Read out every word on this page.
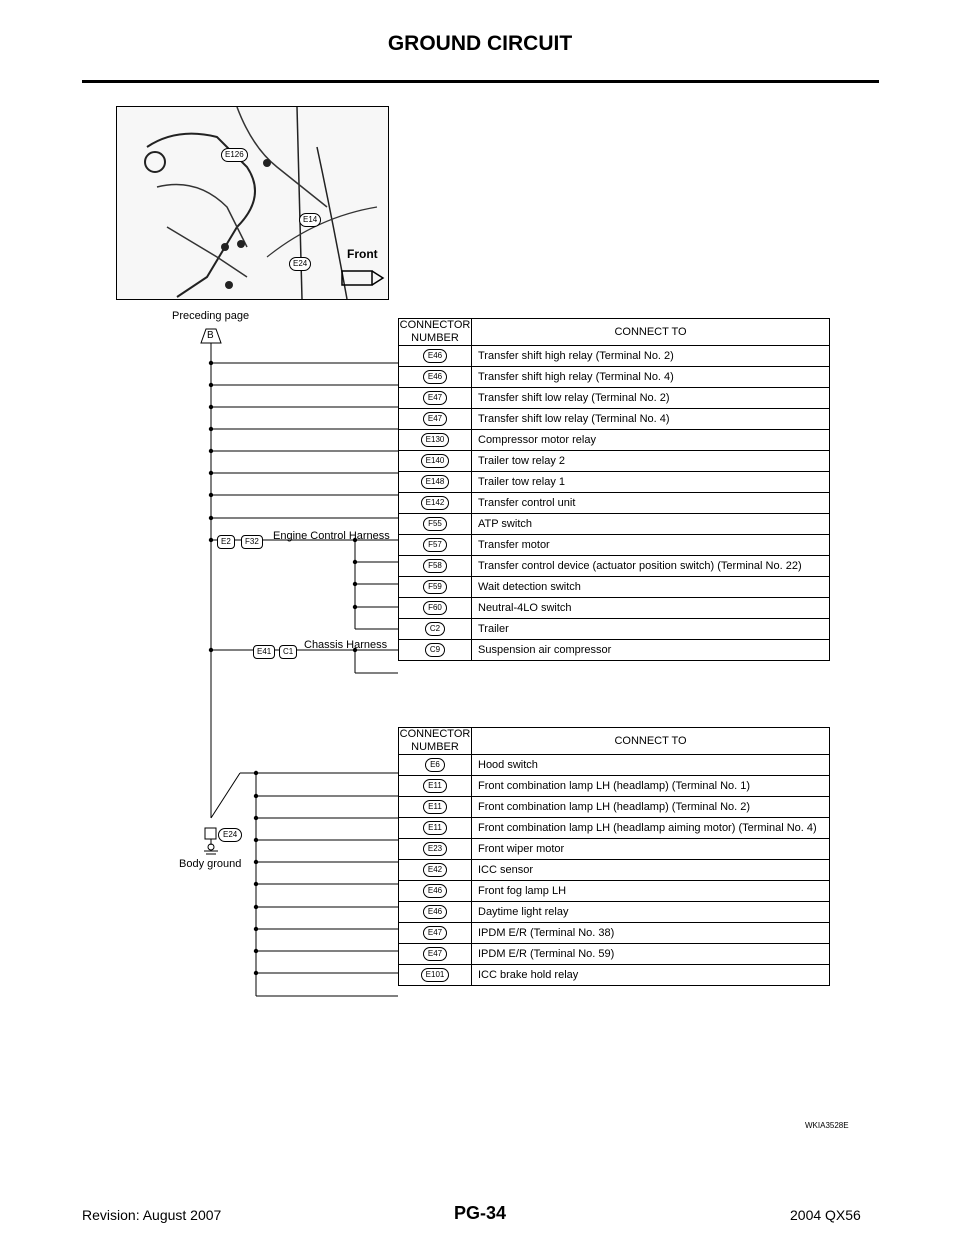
GROUND CIRCUIT
E126
E14
E24
Front
Preceding page
B
E2	F32	Engine Control Harness
E41	C1
Chassis Harness
E24
Body ground
CONNECTOR NUMBER	CONNECT TO
E46	Transfer shift high relay (Terminal No. 2)
E46	Transfer shift high relay (Terminal No. 4)
E47	Transfer shift low relay (Terminal No. 2)
E47	Transfer shift low relay (Terminal No. 4)
E130	Compressor motor relay
E140	Trailer tow relay 2
E148	Trailer tow relay 1
E142	Transfer control unit
F55	ATP switch
F57	Transfer motor
F58	Transfer control device (actuator position switch) (Terminal No. 22)
F59	Wait detection switch
F60	Neutral-4LO switch
C2	Trailer
C9	Suspension air compressor
CONNECTOR NUMBER	CONNECT TO
E6	Hood switch
E11	Front combination lamp LH (headlamp) (Terminal No. 1)
E11	Front combination lamp LH (headlamp) (Terminal No. 2)
E11	Front combination lamp LH (headlamp aiming motor) (Terminal No. 4)
E23	Front wiper motor
E42	ICC sensor
E46	Front fog lamp LH
E46	Daytime light relay
E47	IPDM E/R (Terminal No. 38)
E47	IPDM E/R (Terminal No. 59)
E101	ICC brake hold relay
WKIA3528E
Revision: August 2007	PG-34	2004 QX56
